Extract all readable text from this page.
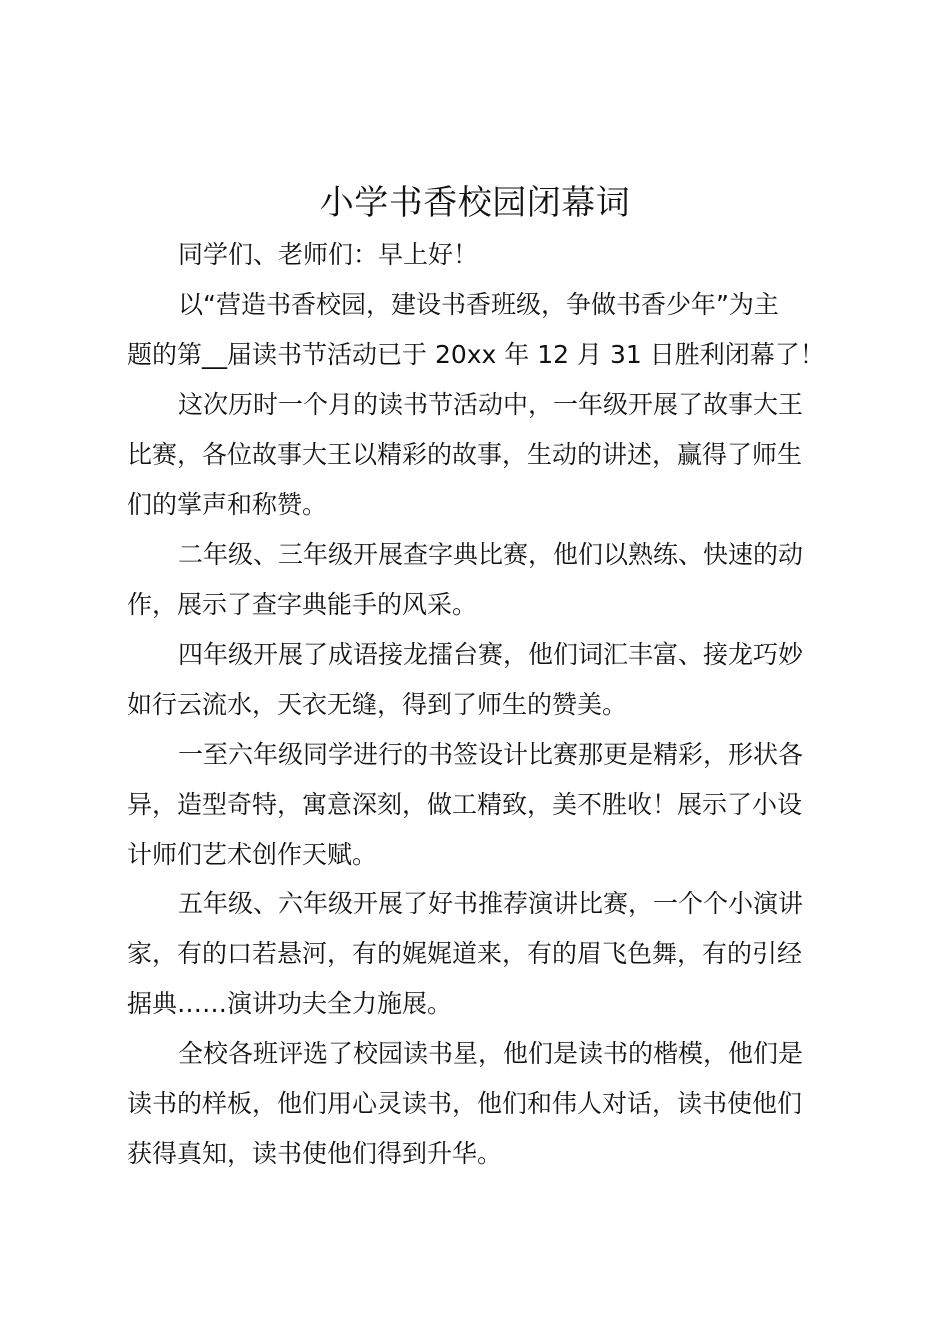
小学书香校园闭幕词
同学们、老师们：早上好！
以“营造书香校园，建设书香班级，争做书香少年”为主
题的第__届读书节活动已于 20xx 年 12 月 31 日胜利闭幕了！
这次历时一个月的读书节活动中，一年级开展了故事大王
比赛，各位故事大王以精彩的故事，生动的讲述，赢得了师生
们的掌声和称赞。
二年级、三年级开展查字典比赛，他们以熟练、快速的动
作，展示了查字典能手的风采。
四年级开展了成语接龙擂台赛，他们词汇丰富、接龙巧妙
如行云流水，天衣无缝，得到了师生的赞美。
一至六年级同学进行的书签设计比赛那更是精彩，形状各
异，造型奇特，寓意深刻，做工精致，美不胜收！展示了小设
计师们艺术创作天赋。
五年级、六年级开展了好书推荐演讲比赛，一个个小演讲
家，有的口若悬河，有的娓娓道来，有的眉飞色舞，有的引经
据典……演讲功夫全力施展。
全校各班评选了校园读书星，他们是读书的楷模，他们是
读书的样板，他们用心灵读书，他们和伟人对话，读书使他们
获得真知，读书使他们得到升华。
